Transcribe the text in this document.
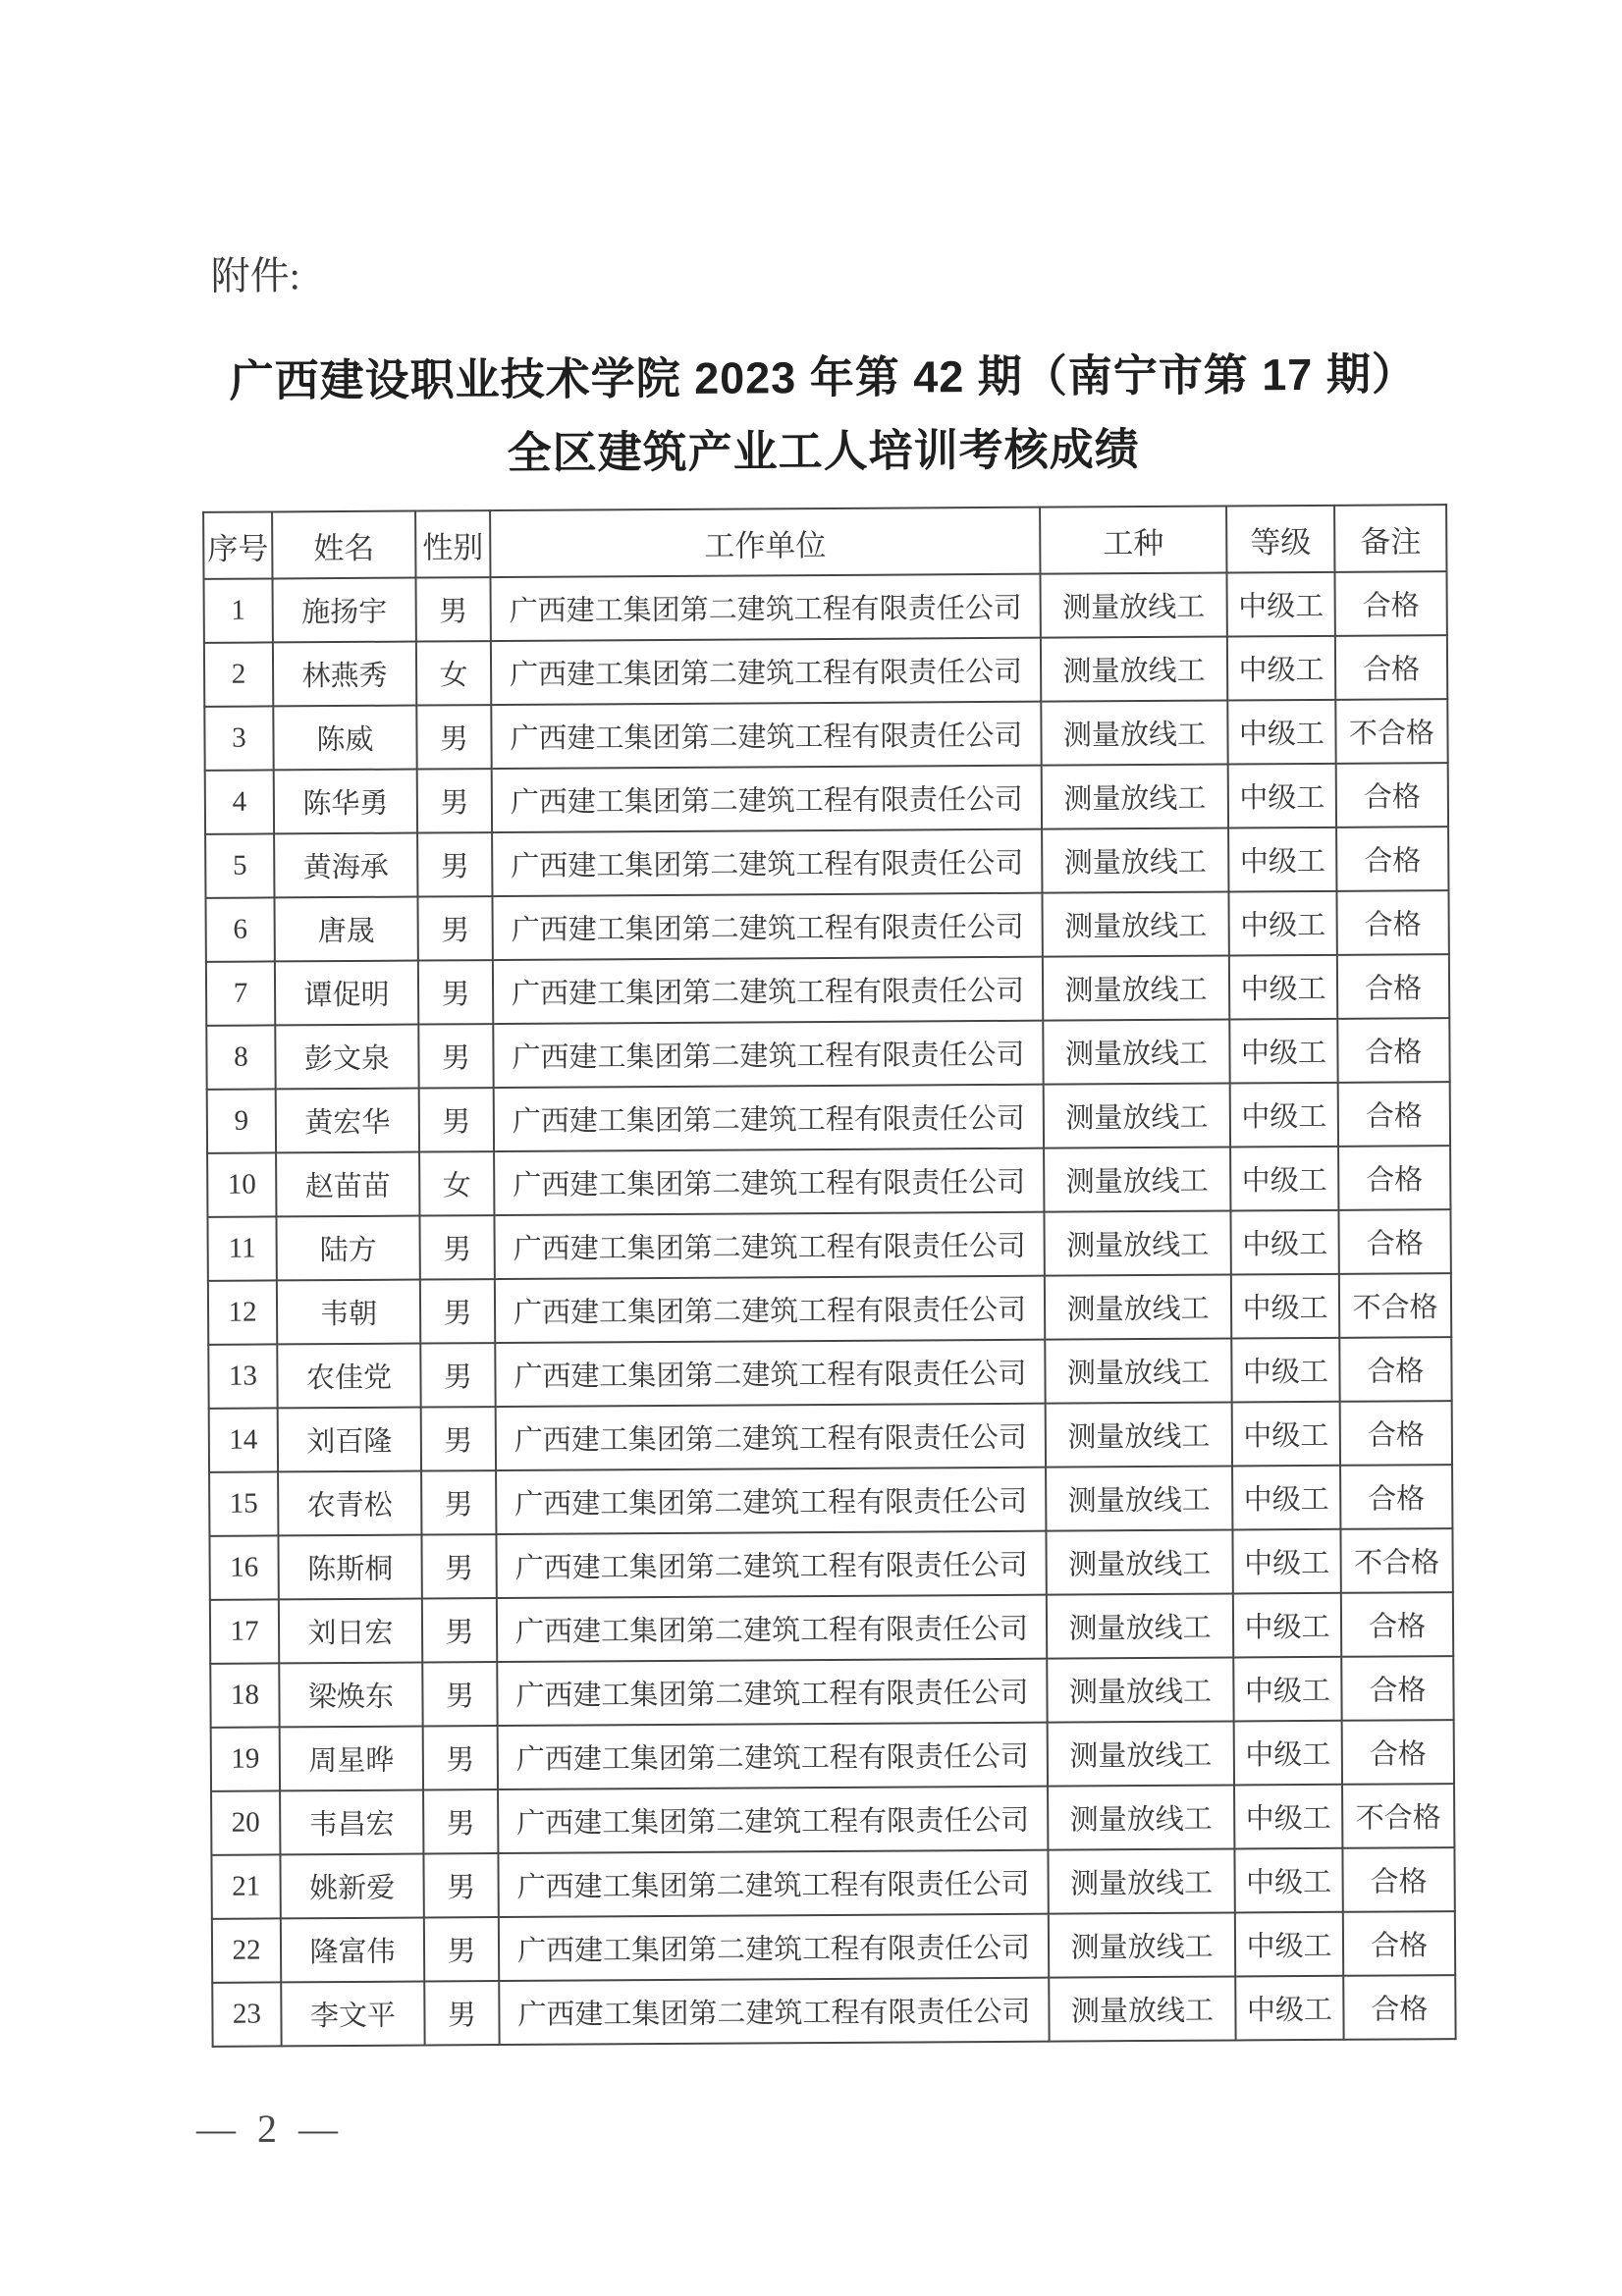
附件:
广西建设职业技术学院 2023 年第 42 期（南宁市第 17 期）
全区建筑产业工人培训考核成绩
序号	姓名	性别	工作单位	工种	等级	备注
1	施扬宇	男	广西建工集团第二建筑工程有限责任公司	测量放线工	中级工	合格
2	林燕秀	女	广西建工集团第二建筑工程有限责任公司	测量放线工	中级工	合格
3	陈威	男	广西建工集团第二建筑工程有限责任公司	测量放线工	中级工	不合格
4	陈华勇	男	广西建工集团第二建筑工程有限责任公司	测量放线工	中级工	合格
5	黄海承	男	广西建工集团第二建筑工程有限责任公司	测量放线工	中级工	合格
6	唐晟	男	广西建工集团第二建筑工程有限责任公司	测量放线工	中级工	合格
7	谭促明	男	广西建工集团第二建筑工程有限责任公司	测量放线工	中级工	合格
8	彭文泉	男	广西建工集团第二建筑工程有限责任公司	测量放线工	中级工	合格
9	黄宏华	男	广西建工集团第二建筑工程有限责任公司	测量放线工	中级工	合格
10	赵苗苗	女	广西建工集团第二建筑工程有限责任公司	测量放线工	中级工	合格
11	陆方	男	广西建工集团第二建筑工程有限责任公司	测量放线工	中级工	合格
12	韦朝	男	广西建工集团第二建筑工程有限责任公司	测量放线工	中级工	不合格
13	农佳党	男	广西建工集团第二建筑工程有限责任公司	测量放线工	中级工	合格
14	刘百隆	男	广西建工集团第二建筑工程有限责任公司	测量放线工	中级工	合格
15	农青松	男	广西建工集团第二建筑工程有限责任公司	测量放线工	中级工	合格
16	陈斯桐	男	广西建工集团第二建筑工程有限责任公司	测量放线工	中级工	不合格
17	刘日宏	男	广西建工集团第二建筑工程有限责任公司	测量放线工	中级工	合格
18	梁焕东	男	广西建工集团第二建筑工程有限责任公司	测量放线工	中级工	合格
19	周星晔	男	广西建工集团第二建筑工程有限责任公司	测量放线工	中级工	合格
20	韦昌宏	男	广西建工集团第二建筑工程有限责任公司	测量放线工	中级工	不合格
21	姚新爱	男	广西建工集团第二建筑工程有限责任公司	测量放线工	中级工	合格
22	隆富伟	男	广西建工集团第二建筑工程有限责任公司	测量放线工	中级工	合格
23	李文平	男	广西建工集团第二建筑工程有限责任公司	测量放线工	中级工	合格
— 2 —
